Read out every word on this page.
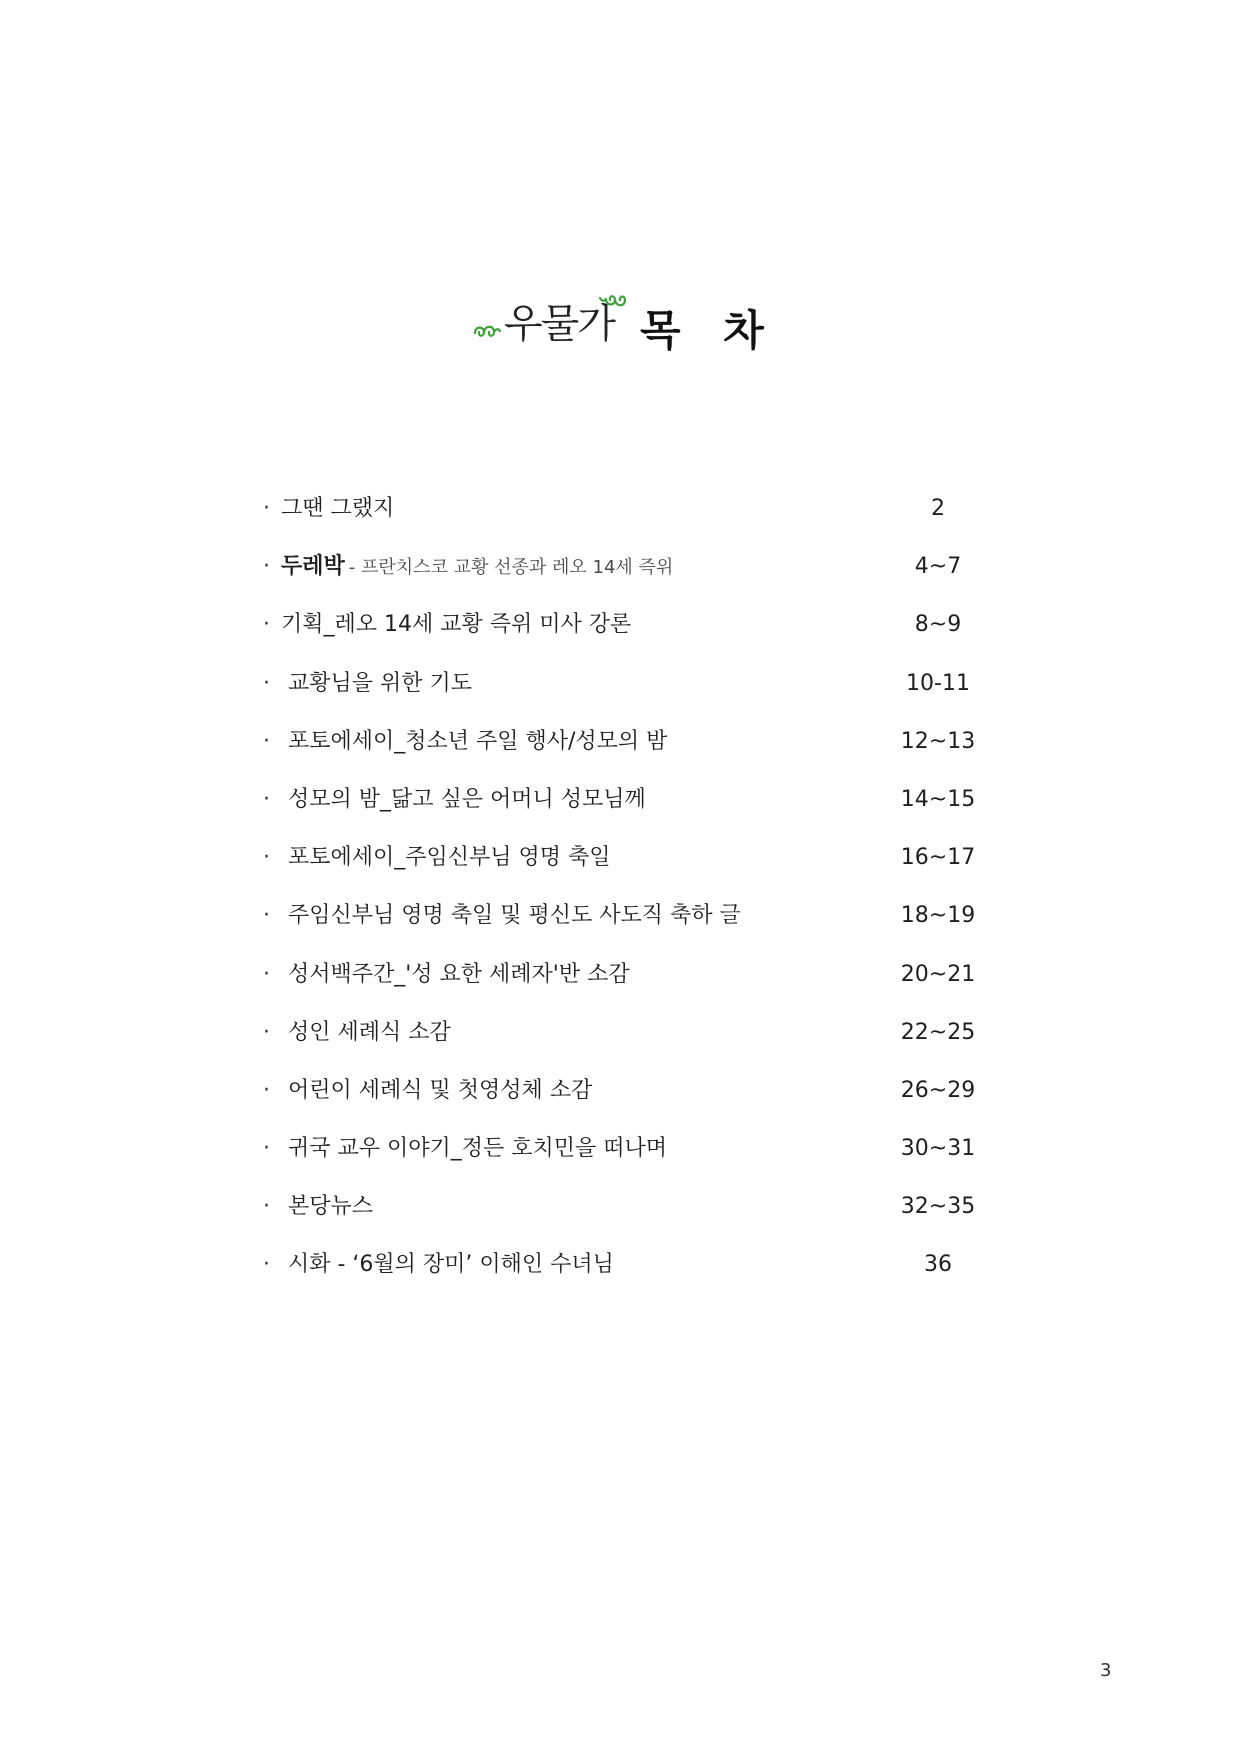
우물가 목 차
· 그땐 그랬지	2
· 두레박 - 프란치스코 교황 선종과 레오 14세 즉위	4~7
· 기획_레오 14세 교황 즉위 미사 강론	8~9
· 교황님을 위한 기도	10-11
· 포토에세이_청소년 주일 행사/성모의 밤	12~13
· 성모의 밤_닮고 싶은 어머니 성모님께	14~15
· 포토에세이_주임신부님 영명 축일	16~17
· 주임신부님 영명 축일 및 평신도 사도직 축하 글	18~19
· 성서백주간_'성 요한 세례자'반 소감	20~21
· 성인 세례식 소감	22~25
· 어린이 세례식 및 첫영성체 소감	26~29
· 귀국 교우 이야기_정든 호치민을 떠나며	30~31
· 본당뉴스	32~35
· 시화 - ‘6월의 장미’ 이해인 수녀님	36
3
